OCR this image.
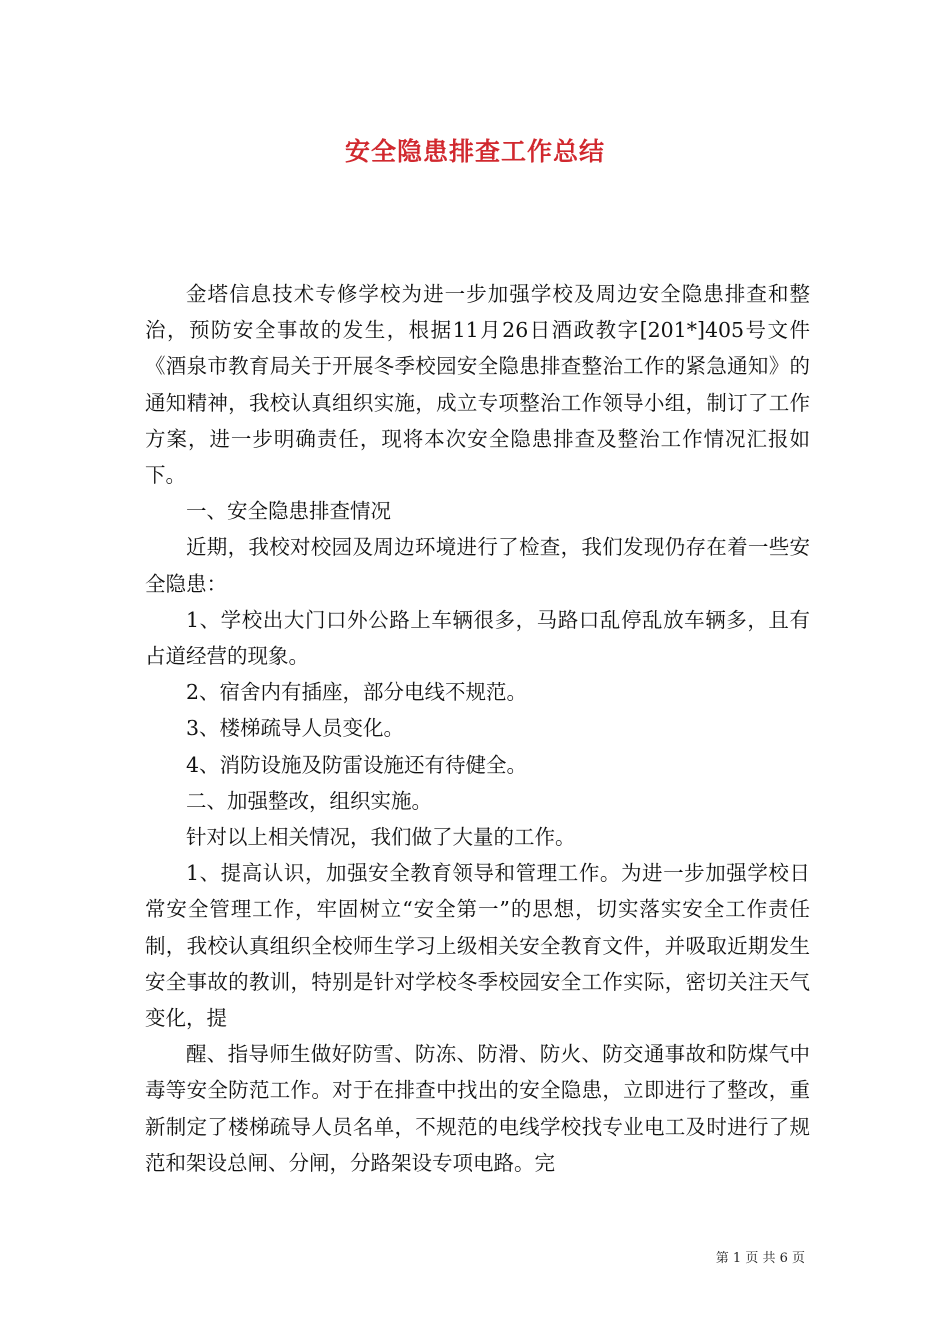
安全隐患排查工作总结

金塔信息技术专修学校为进一步加强学校及周边安全隐患排查和整治，预防安全事故的发生，根据11月26日酒政教字[201*]405号文件《酒泉市教育局关于开展冬季校园安全隐患排查整治工作的紧急通知》的通知精神，我校认真组织实施，成立专项整治工作领导小组，制订了工作方案，进一步明确责任，现将本次安全隐患排查及整治工作情况汇报如下。

一、安全隐患排查情况

近期，我校对校园及周边环境进行了检查，我们发现仍存在着一些安全隐患：

1、学校出大门口外公路上车辆很多，马路口乱停乱放车辆多，且有占道经营的现象。

2、宿舍内有插座，部分电线不规范。

3、楼梯疏导人员变化。

4、消防设施及防雷设施还有待健全。

二、加强整改，组织实施。

针对以上相关情况，我们做了大量的工作。

1、提高认识，加强安全教育领导和管理工作。为进一步加强学校日常安全管理工作，牢固树立“安全第一”的思想，切实落实安全工作责任制，我校认真组织全校师生学习上级相关安全教育文件，并吸取近期发生安全事故的教训，特别是针对学校冬季校园安全工作实际，密切关注天气变化，提

醒、指导师生做好防雪、防冻、防滑、防火、防交通事故和防煤气中毒等安全防范工作。对于在排查中找出的安全隐患，立即进行了整改，重新制定了楼梯疏导人员名单，不规范的电线学校找专业电工及时进行了规范和架设总闸、分闸，分路架设专项电路。完

第 1 页 共 6 页
